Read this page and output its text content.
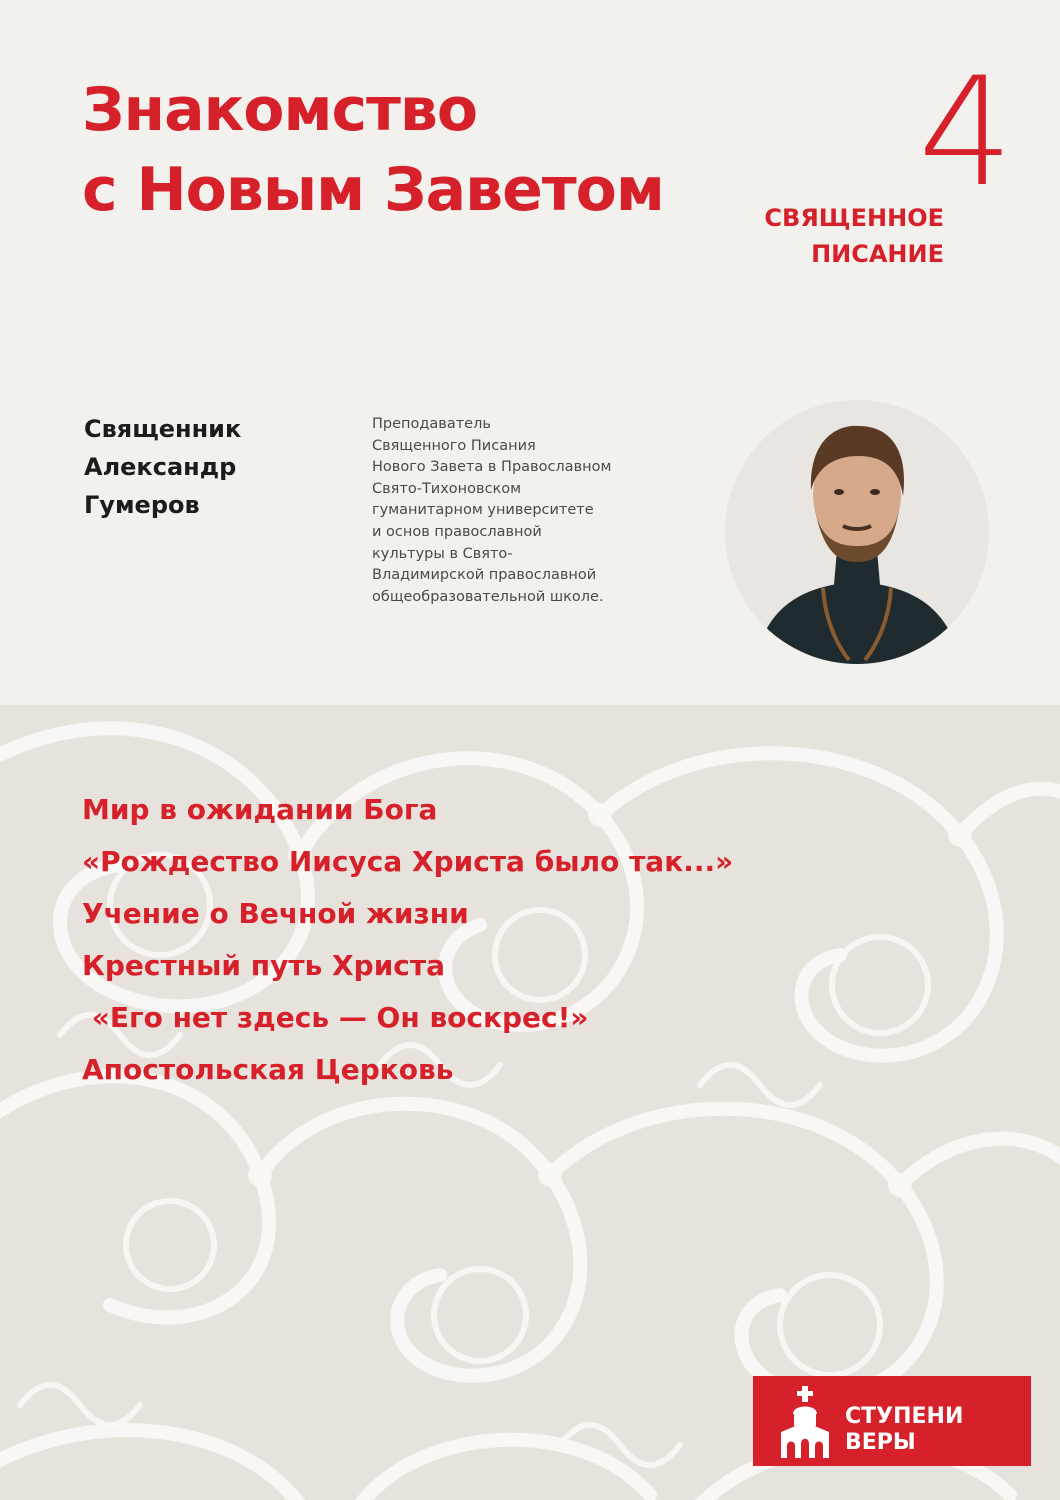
Знакомство
с Новым Заветом 4
СВЯЩЕННОЕ
ПИСАНИЕ
Священник
Александр
Гумеров
Преподаватель
Священного Писания
Нового Завета в Православном
Свято-Тихоновском
гуманитарном университете
и основ православной
культуры в Свято-
Владимирской православной
общеобразовательной школе.
Мир в ожидании Бога
«Рождество Иисуса Христа было так...»
Учение о Вечной жизни
Крестный путь Христа
«Его нет здесь — Он воскрес!»
Апостольская Церковь
СТУПЕНИ
ВЕРЫ
